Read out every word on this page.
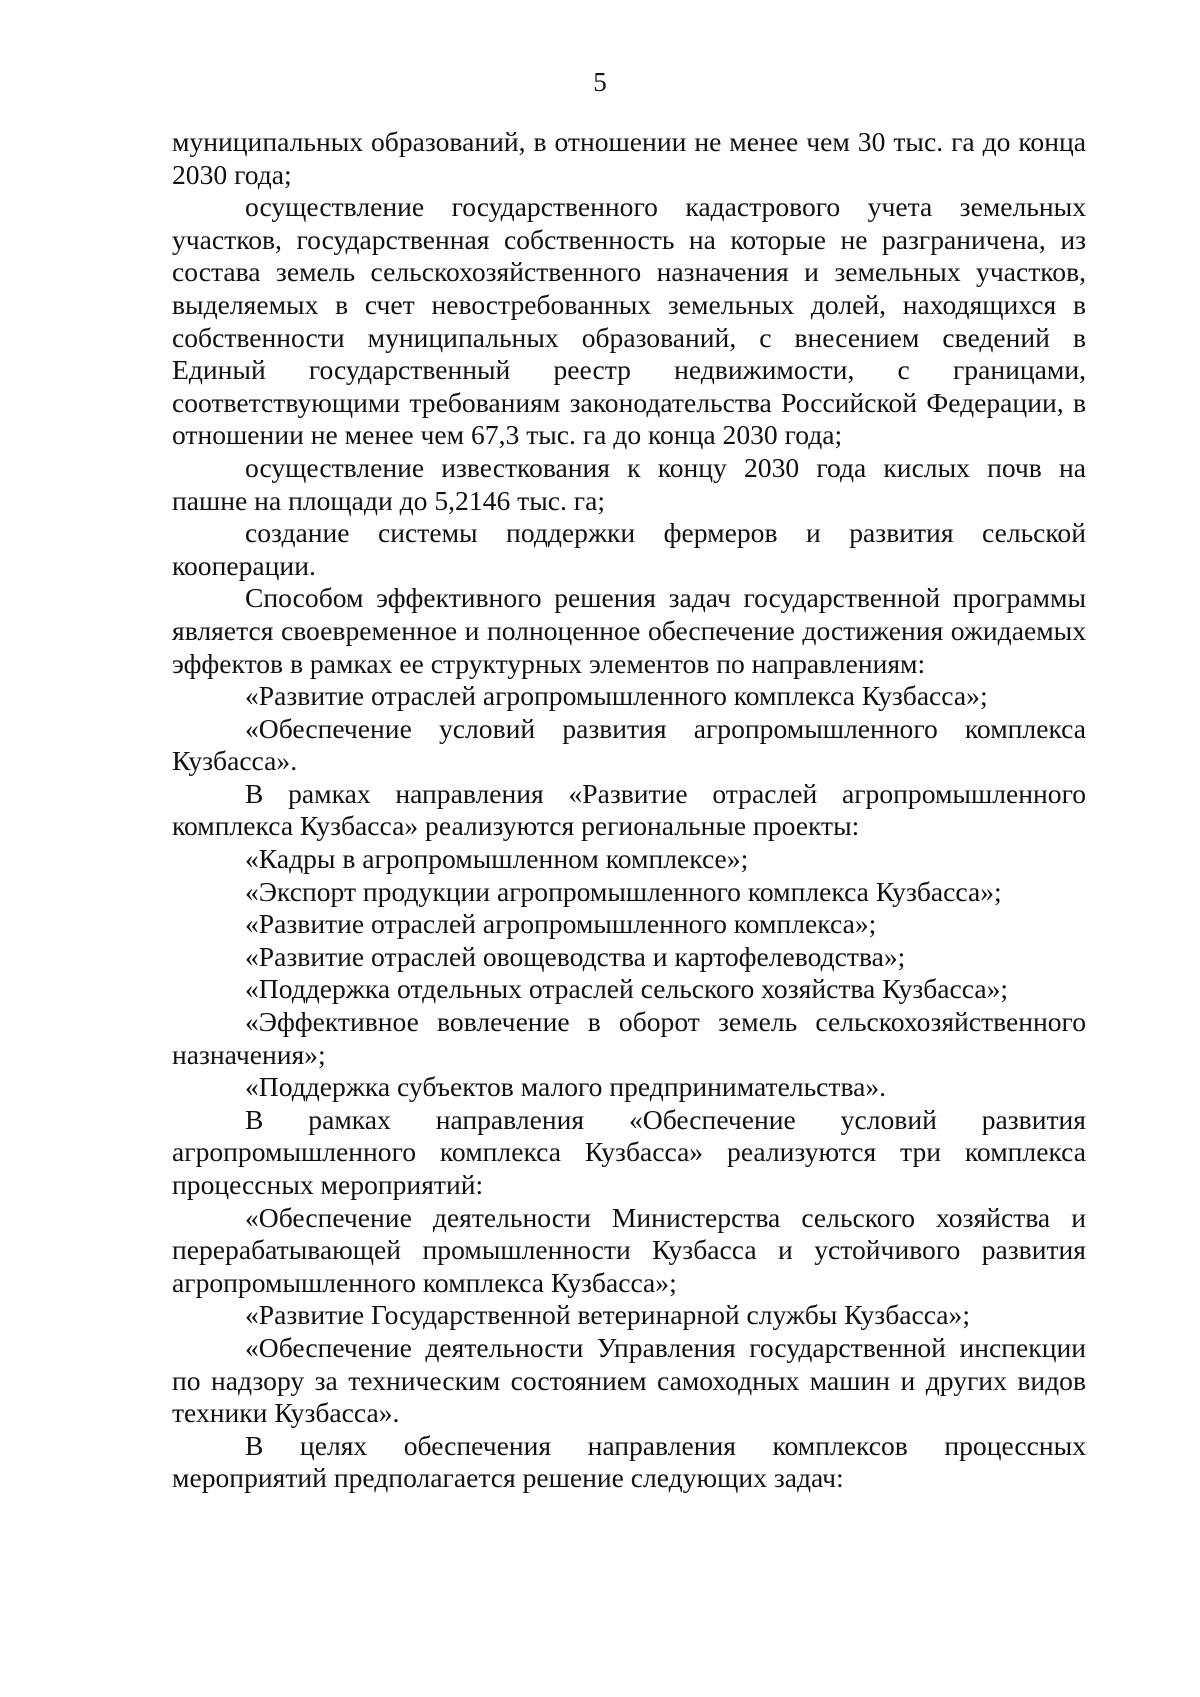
5

муниципальных образований, в отношении не менее чем 30 тыс. га до конца 2030 года;

осуществление государственного кадастрового учета земельных участков, государственная собственность на которые не разграничена, из состава земель сельскохозяйственного назначения и земельных участков, выделяемых в счет невостребованных земельных долей, находящихся в собственности муниципальных образований, с внесением сведений в Единый государственный реестр недвижимости, с границами, соответствующими требованиям законодательства Российской Федерации, в отношении не менее чем 67,3 тыс. га до конца 2030 года;

осуществление известкования к концу 2030 года кислых почв на пашне на площади до 5,2146 тыс. га;

создание системы поддержки фермеров и развития сельской кооперации.

Способом эффективного решения задач государственной программы является своевременное и полноценное обеспечение достижения ожидаемых эффектов в рамках ее структурных элементов по направлениям:

«Развитие отраслей агропромышленного комплекса Кузбасса»;

«Обеспечение условий развития агропромышленного комплекса Кузбасса».

В рамках направления «Развитие отраслей агропромышленного комплекса Кузбасса» реализуются региональные проекты:

«Кадры в агропромышленном комплексе»;

«Экспорт продукции агропромышленного комплекса Кузбасса»;

«Развитие отраслей агропромышленного комплекса»;

«Развитие отраслей овощеводства и картофелеводства»;

«Поддержка отдельных отраслей сельского хозяйства Кузбасса»;

«Эффективное вовлечение в оборот земель сельскохозяйственного назначения»;

«Поддержка субъектов малого предпринимательства».

В рамках направления «Обеспечение условий развития агропромышленного комплекса Кузбасса» реализуются три комплекса процессных мероприятий:

«Обеспечение деятельности Министерства сельского хозяйства и перерабатывающей промышленности Кузбасса и устойчивого развития агропромышленного комплекса Кузбасса»;

«Развитие Государственной ветеринарной службы Кузбасса»;

«Обеспечение деятельности Управления государственной инспекции по надзору за техническим состоянием самоходных машин и других видов техники Кузбасса».

В целях обеспечения направления комплексов процессных мероприятий предполагается решение следующих задач:
